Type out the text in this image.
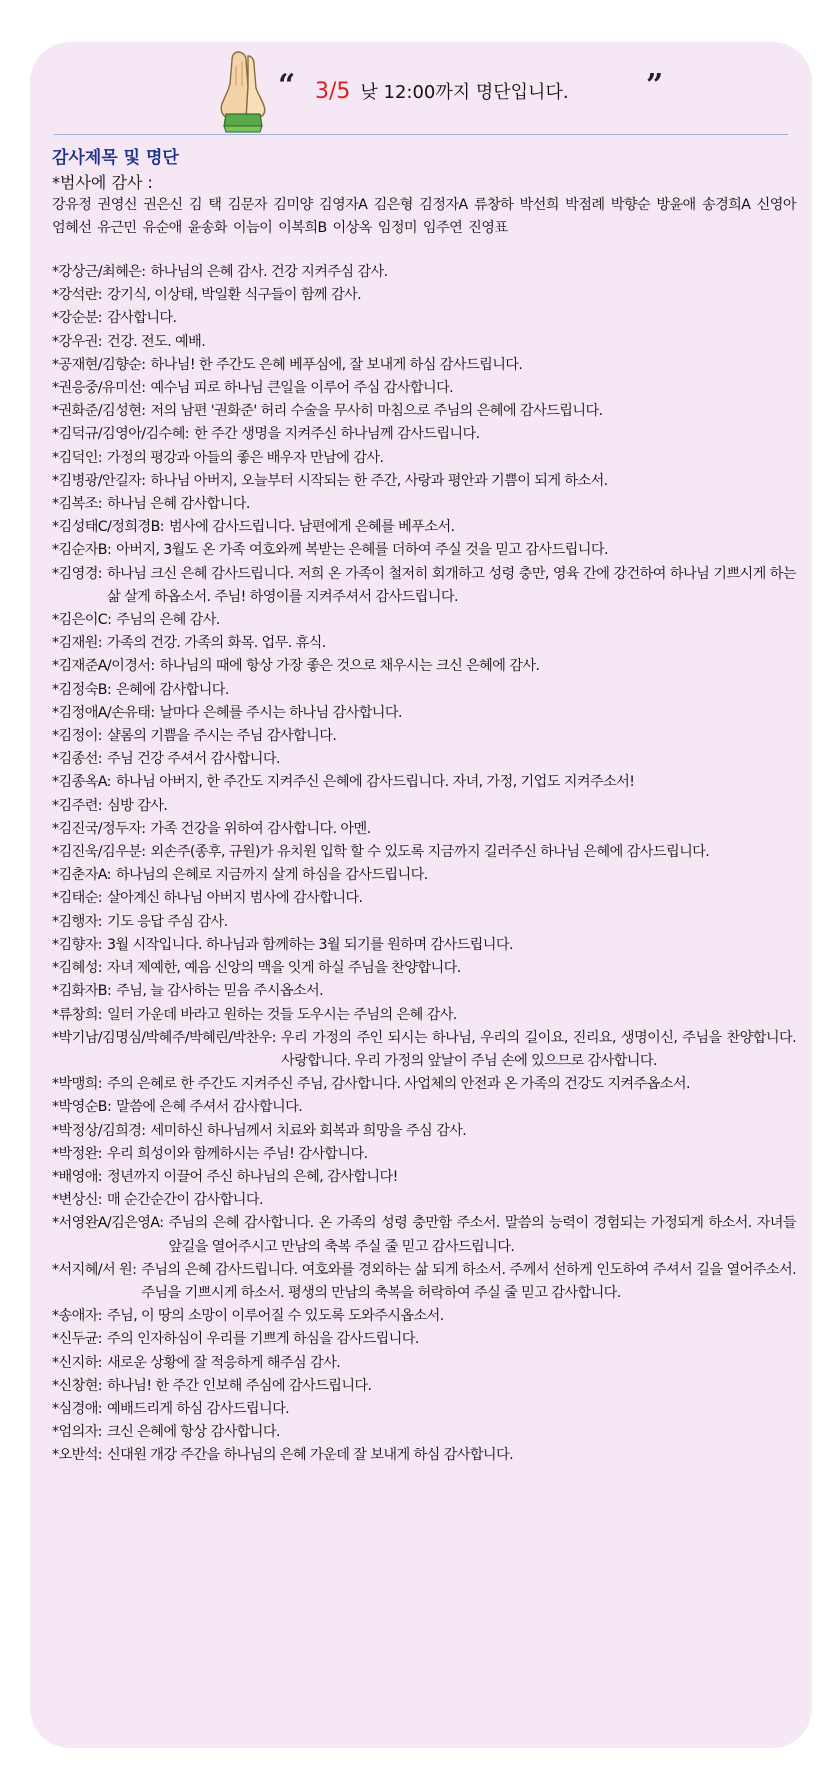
“ 3/5 낮 12:00까지 명단입니다.	”
감사제목 및 명단
*범사에 감사 :
강유정 권영신 권은신 김 택 김문자 김미양 김영자A 김은형 김정자A 류창하 박선희 박점례 박향순 방윤애 송경희A 신영아 엄혜선 유근민 유순애 윤송화 이늠이 이복희B 이상옥 임정미 임주연 진영표
*강상근/최혜은: 하나님의 은혜 감사. 건강 지켜주심 감사.
*강석란: 강기식, 이상태, 박일환 식구들이 함께 감사.
*강순분: 감사합니다.
*강우권: 건강. 전도. 예배.
*공재현/김향순: 하나님! 한 주간도 은혜 베푸심에, 잘 보내게 하심 감사드립니다.
*권응중/유미선: 예수님 피로 하나님 큰일을 이루어 주심 감사합니다.
*권화준/김성현: 저의 남편 '권화준' 허리 수술을 무사히 마침으로 주님의 은혜에 감사드립니다.
*김덕규/김영아/김수혜: 한 주간 생명을 지켜주신 하나님께 감사드립니다.
*김덕인: 가정의 평강과 아들의 좋은 배우자 만남에 감사.
*김병광/안길자: 하나님 아버지, 오늘부터 시작되는 한 주간, 사랑과 평안과 기쁨이 되게 하소서.
*김복조: 하나님 은혜 감사합니다.
*김성태C/정희경B: 범사에 감사드립니다. 남편에게 은혜를 베푸소서.
*김순자B: 아버지, 3월도 온 가족 여호와께 복받는 은혜를 더하여 주실 것을 믿고 감사드립니다.
*김영경: 하나님 크신 은혜 감사드립니다. 저희 온 가족이 철저히 회개하고 성령 충만, 영육 간에 강건하여 하나님 기쁘시게 하는 삶 살게 하옵소서. 주님! 하영이를 지켜주셔서 감사드립니다.
*김은이C: 주님의 은혜 감사.
*김재원: 가족의 건강. 가족의 화목. 업무. 휴식.
*김재준A/이경서: 하나님의 때에 항상 가장 좋은 것으로 채우시는 크신 은혜에 감사.
*김정숙B: 은혜에 감사합니다.
*김정애A/손유태: 날마다 은혜를 주시는 하나님 감사합니다.
*김정이: 샬롬의 기쁨을 주시는 주님 감사합니다.
*김종선: 주님 건강 주셔서 감사합니다.
*김종옥A: 하나님 아버지, 한 주간도 지켜주신 은혜에 감사드립니다. 자녀, 가정, 기업도 지켜주소서!
*김주련: 심방 감사.
*김진국/정두자: 가족 건강을 위하여 감사합니다. 아멘.
*김진욱/김우분: 외손주(종후, 규원)가 유치원 입학 할 수 있도록 지금까지 길러주신 하나님 은혜에 감사드립니다.
*김춘자A: 하나님의 은혜로 지금까지 살게 하심을 감사드립니다.
*김태순: 살아계신 하나님 아버지 범사에 감사합니다.
*김행자: 기도 응답 주심 감사.
*김향자: 3월 시작입니다. 하나님과 함께하는 3월 되기를 원하며 감사드립니다.
*김혜성: 자녀 제예한, 예음 신앙의 맥을 잇게 하실 주님을 찬양합니다.
*김화자B: 주님, 늘 감사하는 믿음 주시옵소서.
*류창희: 일터 가운데 바라고 원하는 것들 도우시는 주님의 은혜 감사.
*박기남/김명심/박혜주/박혜린/박찬우: 우리 가정의 주인 되시는 하나님, 우리의 길이요, 진리요, 생명이신, 주님을 찬양합니다. 사랑합니다. 우리 가정의 앞날이 주님 손에 있으므로 감사합니다.
*박맹희: 주의 은혜로 한 주간도 지켜주신 주님, 감사합니다. 사업체의 안전과 온 가족의 건강도 지켜주옵소서.
*박영순B: 말씀에 은혜 주셔서 감사합니다.
*박정상/김희경: 세미하신 하나님께서 치료와 회복과 희망을 주심 감사.
*박정완: 우리 희성이와 함께하시는 주님! 감사합니다.
*배영애: 정년까지 이끌어 주신 하나님의 은혜, 감사합니다!
*변상신: 매 순간순간이 감사합니다.
*서영완A/김은영A: 주님의 은혜 감사합니다. 온 가족의 성령 충만함 주소서. 말씀의 능력이 경험되는 가정되게 하소서. 자녀들 앞길을 열어주시고 만남의 축복 주실 줄 믿고 감사드립니다.
*서지혜/서 원: 주님의 은혜 감사드립니다. 여호와를 경외하는 삶 되게 하소서. 주께서 선하게 인도하여 주셔서 길을 열어주소서. 주님을 기쁘시게 하소서. 평생의 만남의 축복을 허락하여 주실 줄 믿고 감사합니다.
*송애자: 주님, 이 땅의 소망이 이루어질 수 있도록 도와주시옵소서.
*신두균: 주의 인자하심이 우리를 기쁘게 하심을 감사드립니다.
*신지하: 새로운 상황에 잘 적응하게 해주심 감사.
*신창현: 하나님! 한 주간 인보해 주심에 감사드립니다.
*심경애: 예배드리게 하심 감사드립니다.
*엄의자: 크신 은혜에 항상 감사합니다.
*오반석: 신대원 개강 주간을 하나님의 은혜 가운데 잘 보내게 하심 감사합니다.
